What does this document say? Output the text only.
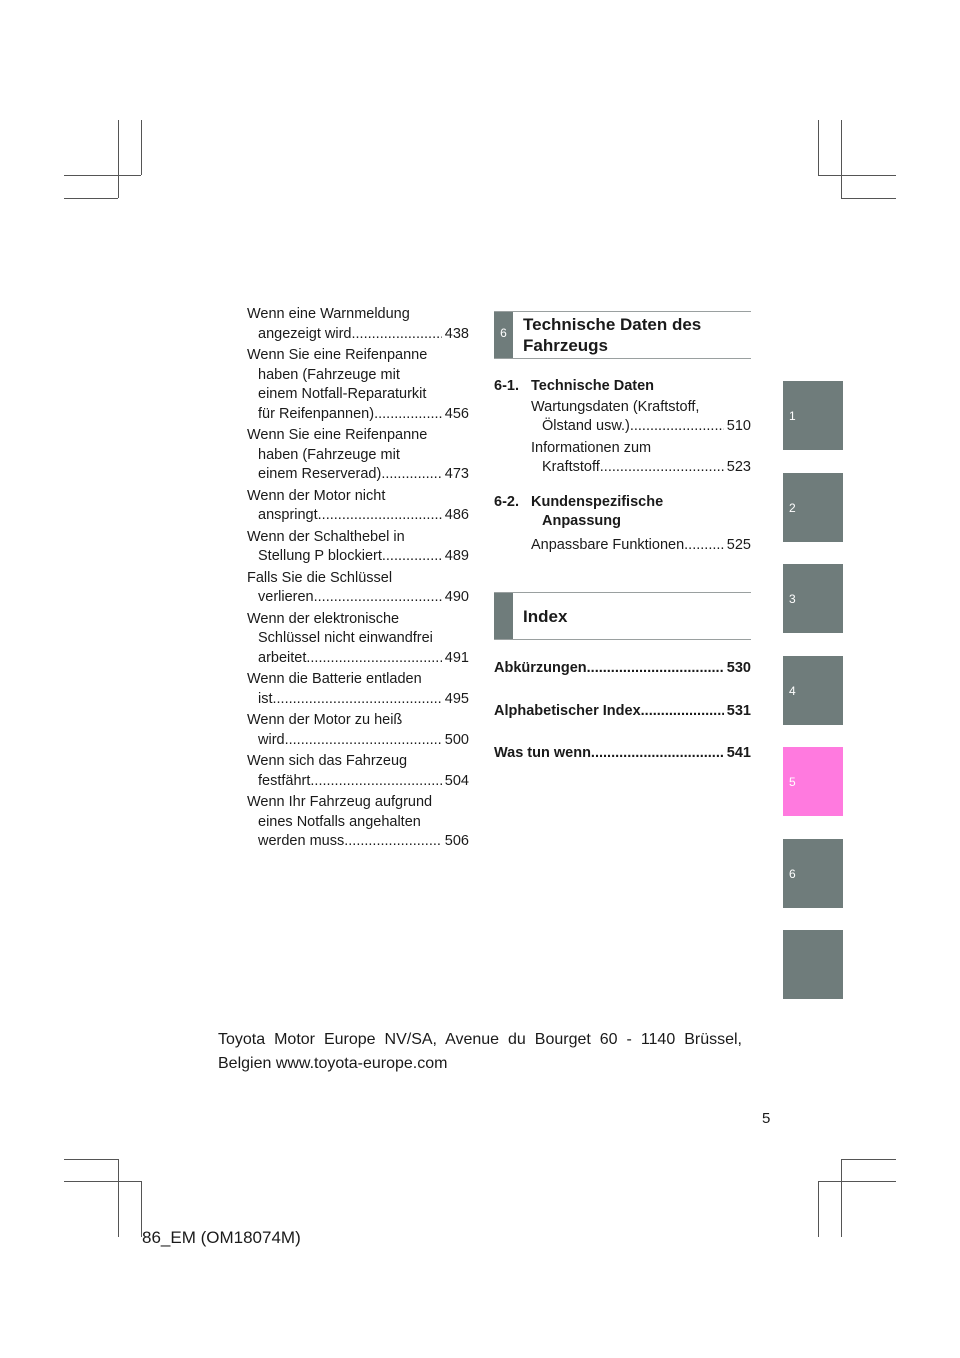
Wenn eine Warnmeldung
angezeigt wird .....	438
Wenn Sie eine Reifenpanne
haben (Fahrzeuge mit
einem Notfall-Reparaturkit
für Reifenpannen) .....	456
Wenn Sie eine Reifenpanne
haben (Fahrzeuge mit
einem Reserverad) .....	473
Wenn der Motor nicht
anspringt .....	486
Wenn der Schalthebel in
Stellung P blockiert .....	489
Falls Sie die Schlüssel
verlieren .....	490
Wenn der elektronische
Schlüssel nicht einwandfrei
arbeitet .....	491
Wenn die Batterie entladen
ist .....	495
Wenn der Motor zu heiß
wird .....	500
Wenn sich das Fahrzeug
festfährt .....	504
Wenn Ihr Fahrzeug aufgrund
eines Notfalls angehalten
werden muss .....	506
6 Technische Daten des
Fahrzeugs
6-1. Technische Daten
Wartungsdaten (Kraftstoff,
Ölstand usw.) .....	510
Informationen zum
Kraftstoff .....	523
6-2. Kundenspezifische
Anpassung
Anpassbare Funktionen .....	525
Index
Abkürzungen .....	530
Alphabetischer Index .....	531
Was tun wenn... .....	541
1
2
3
4
5
6
Toyota Motor Europe NV/SA, Avenue du Bourget 60 - 1140 Brüssel, Belgien www.toyota-europe.com
5
86_EM (OM18074M)
